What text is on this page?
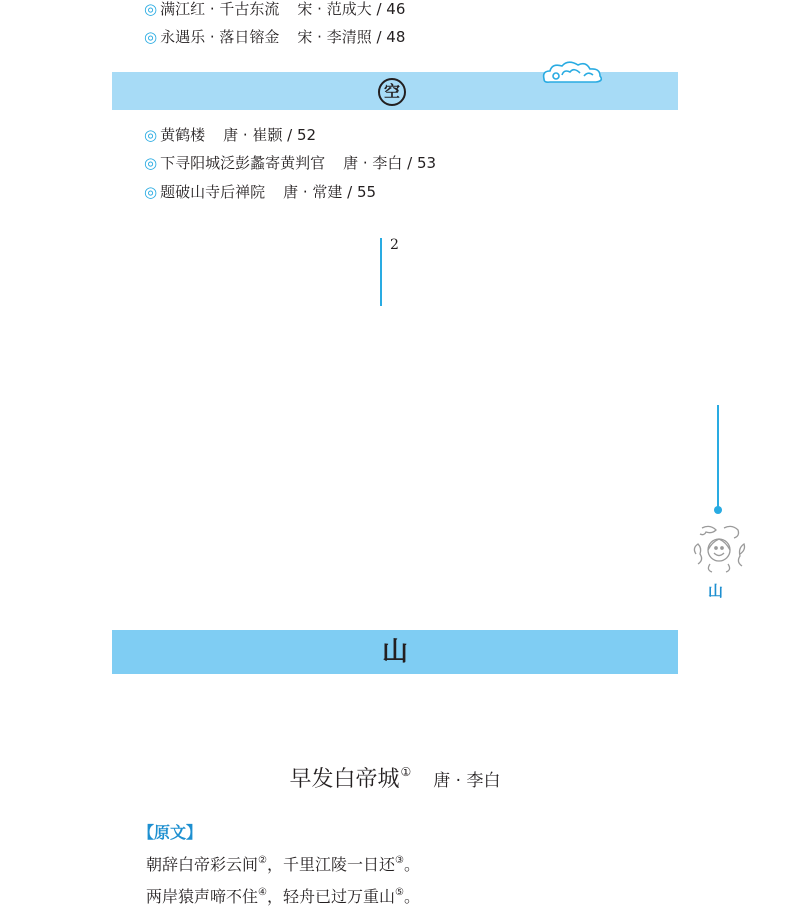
◎ 满江红 · 千古东流 宋 · 范成大 / 46
◎ 永遇乐 · 落日镕金 宋 · 李清照 / 48
空
◎ 黄鹤楼 唐 · 崔颢 / 52
◎ 下寻阳城泛彭蠡寄黄判官 唐 · 李白 / 53
◎ 题破山寺后禅院 唐 · 常建 / 55
2
山
山
早发白帝城① 唐 · 李白
【原文】
朝辞白帝彩云间②，千里江陵一日还③。
两岸猿声啼不住④，轻舟已过万重山⑤。
